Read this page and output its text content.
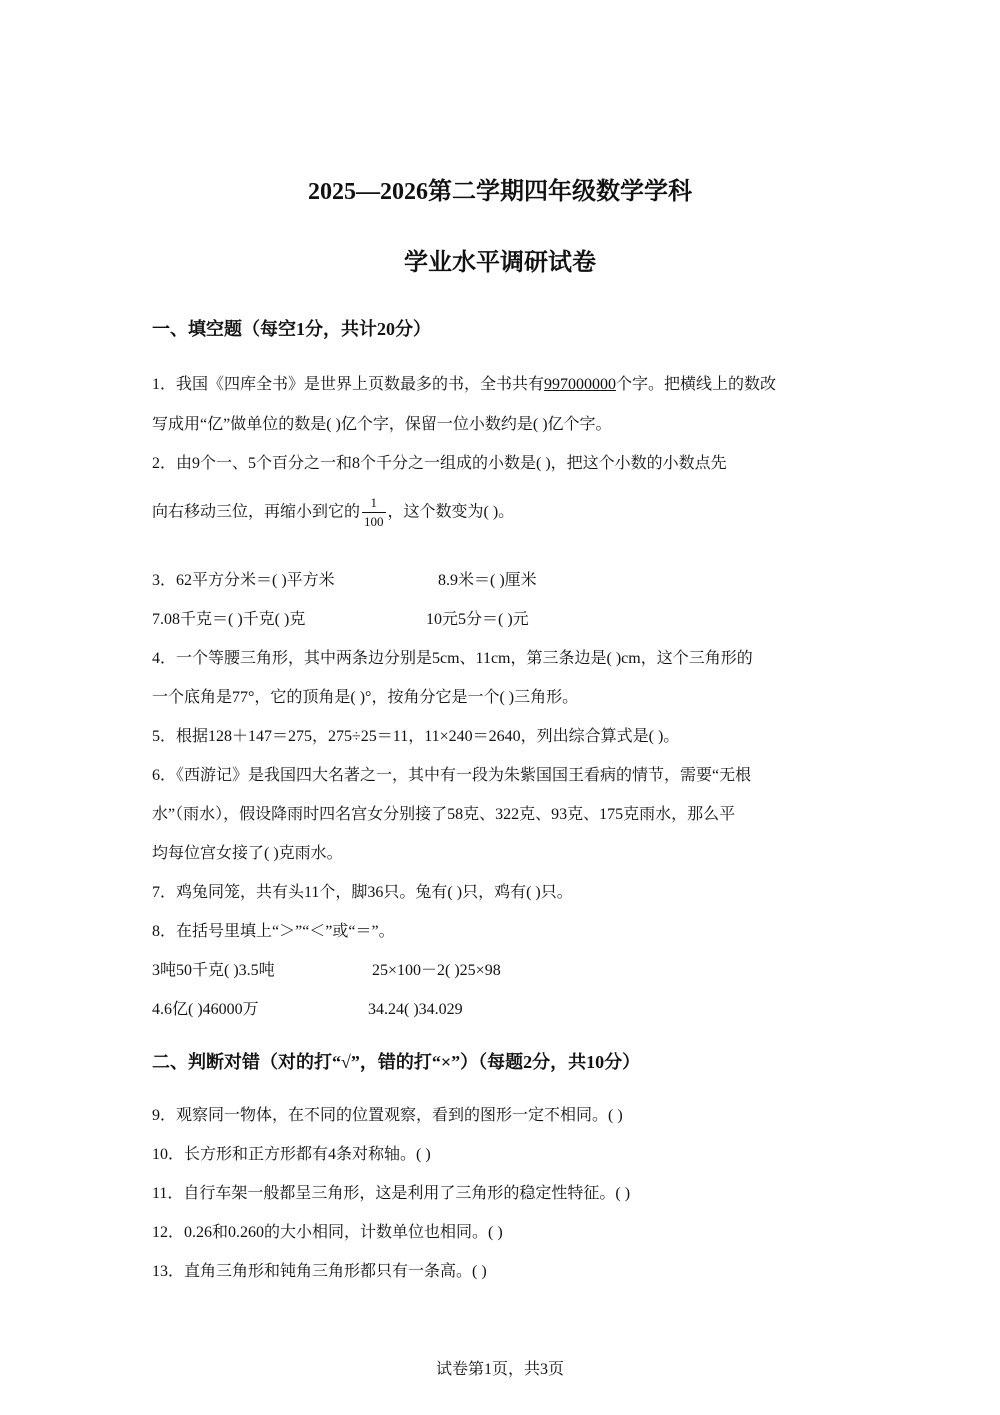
2025—2026第二学期四年级数学学科
学业水平调研试卷
一、填空题（每空1分，共计20分）
1．我国《四库全书》是世界上页数最多的书，全书共有997000000个字。把横线上的数改
写成用“亿”做单位的数是( )亿个字，保留一位小数约是( )亿个字。
2．由9个一、5个百分之一和8个千分之一组成的小数是( )，把这个小数的小数点先
向右移动三位，再缩小到它的 $\frac{1}{100}$ ，这个数变为( )。
3．62平方分米＝( )平方米	8.9米＝( )厘米
7.08千克＝( )千克( )克	10元5分＝( )元
4．一个等腰三角形，其中两条边分别是5cm、11cm，第三条边是( )cm，这个三角形的
一个底角是77°，它的顶角是( )°，按角分它是一个( )三角形。
5．根据128＋147＝275，275÷25＝11，11×240＝2640，列出综合算式是( )。
6．《西游记》是我国四大名著之一，其中有一段为朱紫国国王看病的情节，需要“无根
水”（雨水），假设降雨时四名宫女分别接了58克、322克、93克、175克雨水，那么平
均每位宫女接了( )克雨水。
7．鸡兔同笼，共有头11个，脚36只。兔有( )只，鸡有( )只。
8．在括号里填上“＞”“＜”或“＝”。
3吨50千克( )3.5吨	25×100－2( )25×98
4.6亿( )46000万	34.24( )34.029
二、判断对错（对的打“√”，错的打“×”）（每题2分，共10分）
9．观察同一物体，在不同的位置观察，看到的图形一定不相同。( )
10．长方形和正方形都有4条对称轴。( )
11．自行车架一般都呈三角形，这是利用了三角形的稳定性特征。( )
12．0.26和0.260的大小相同，计数单位也相同。( )
13．直角三角形和钝角三角形都只有一条高。( )
试卷第1页，共3页
